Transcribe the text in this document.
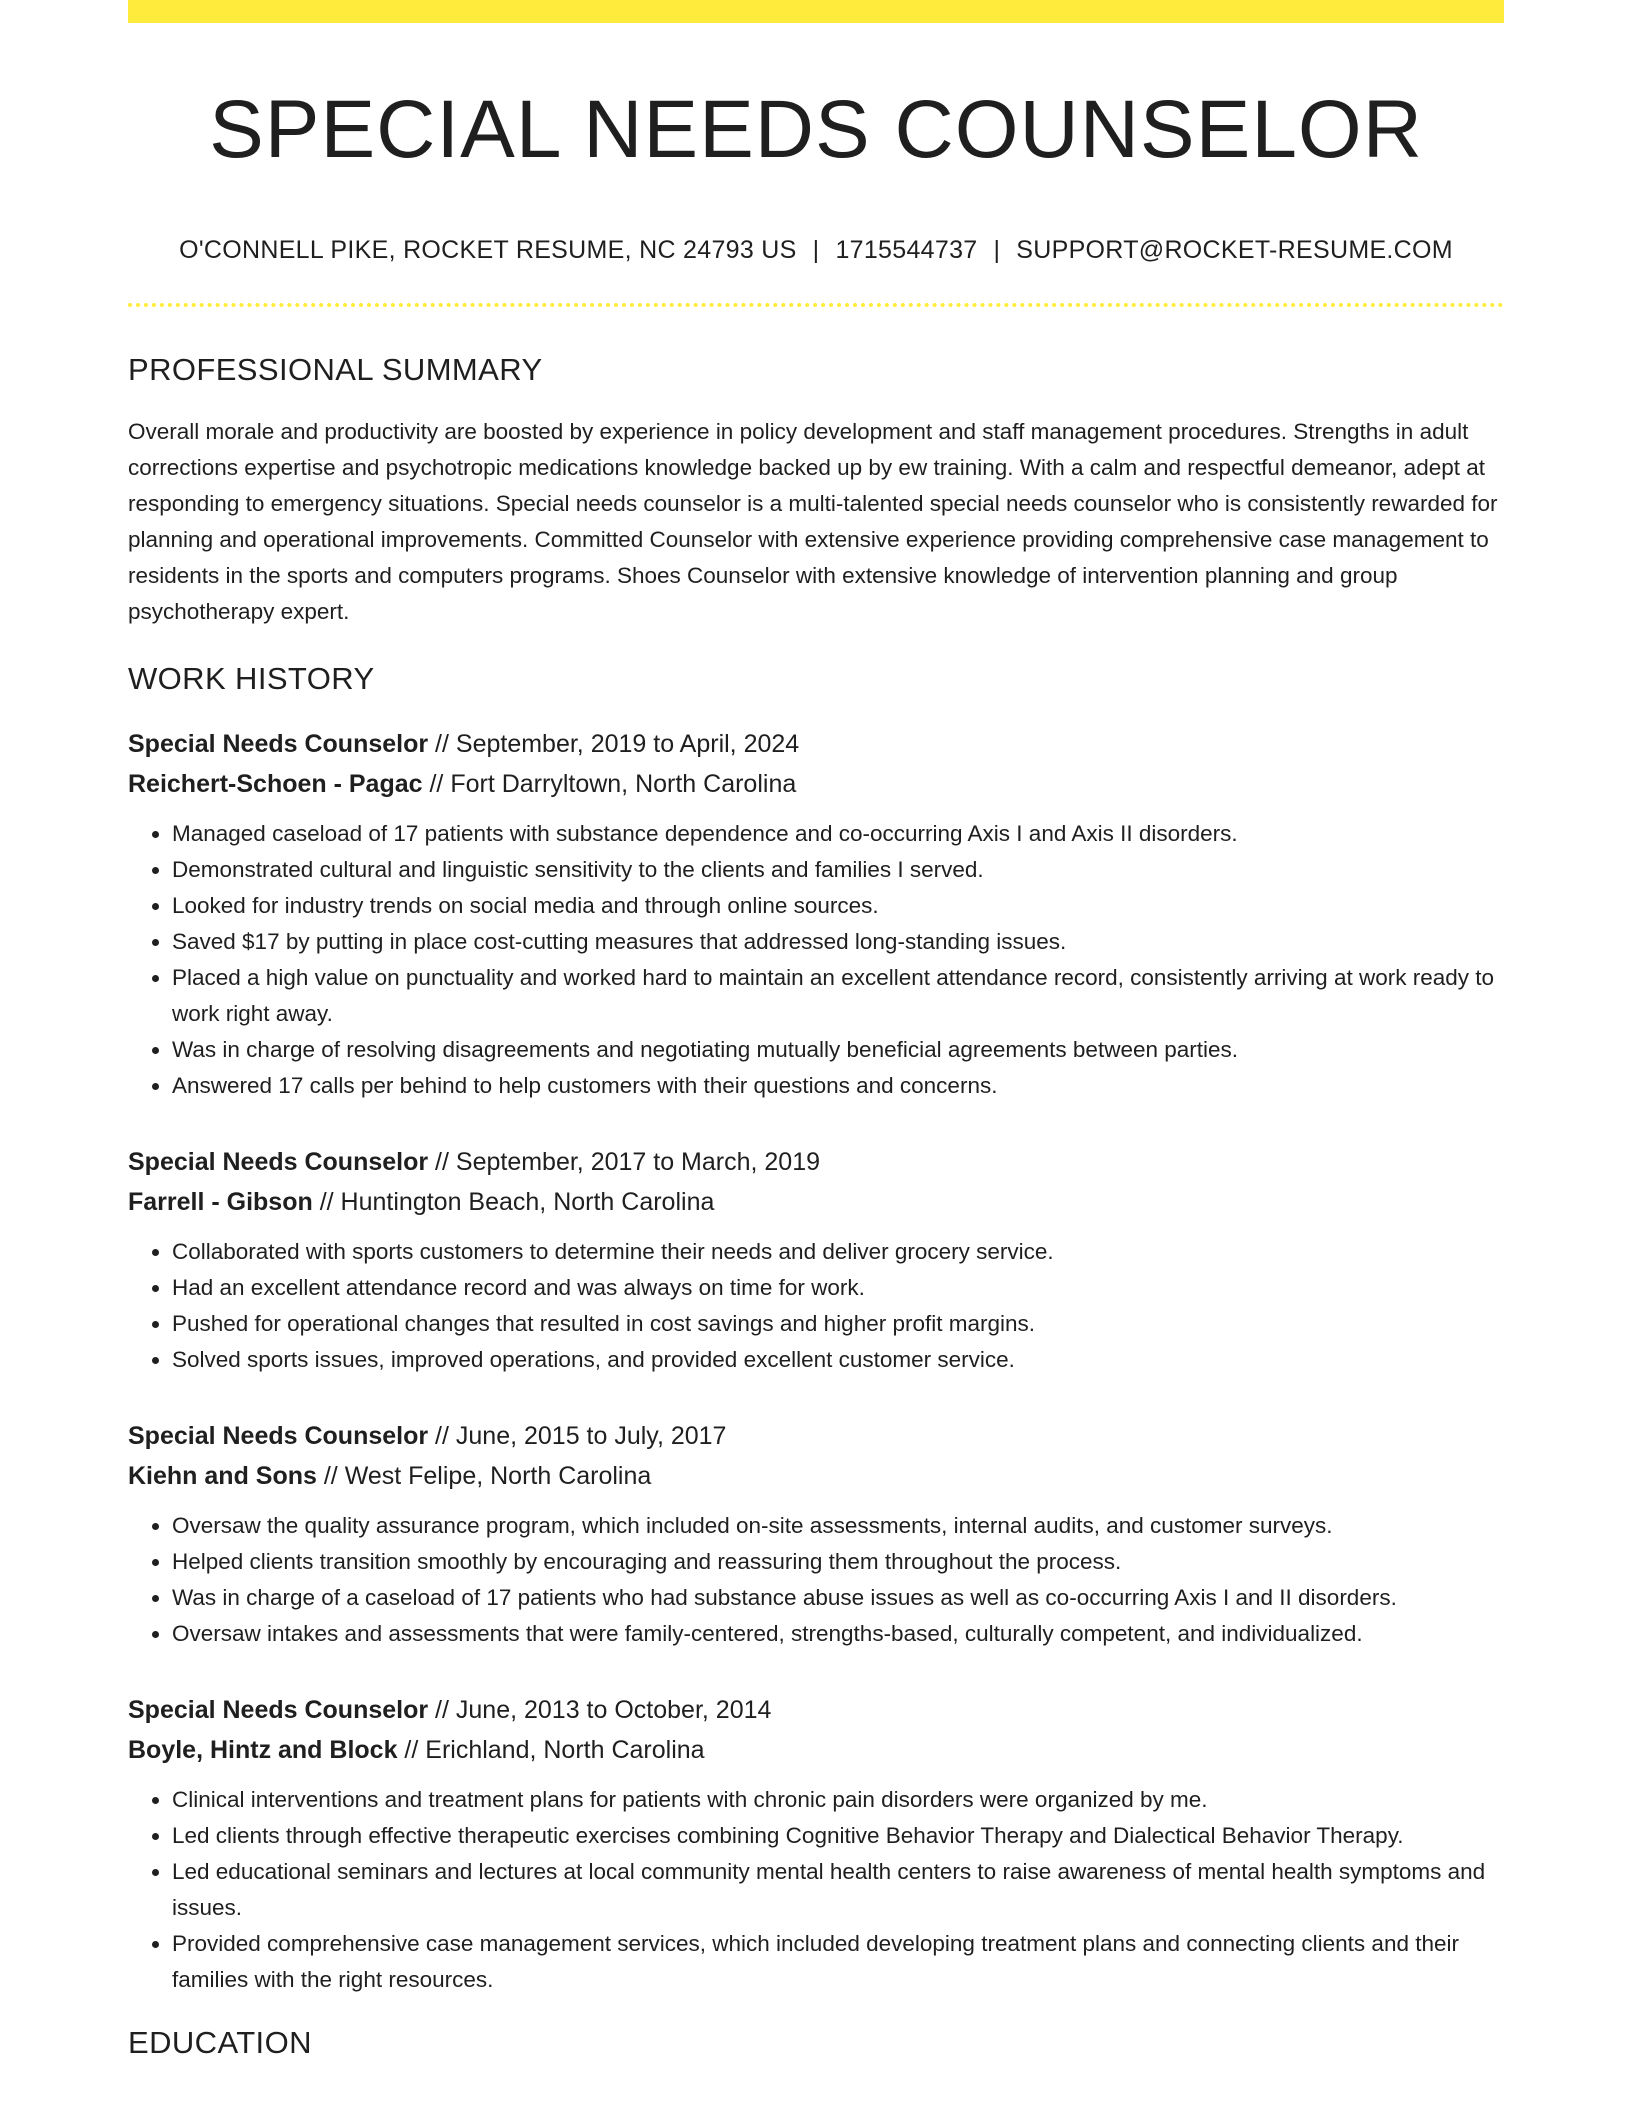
SPECIAL NEEDS COUNSELOR
O'CONNELL PIKE, ROCKET RESUME, NC 24793 US | 1715544737 | SUPPORT@ROCKET-RESUME.COM
PROFESSIONAL SUMMARY
Overall morale and productivity are boosted by experience in policy development and staff management procedures. Strengths in adult corrections expertise and psychotropic medications knowledge backed up by ew training. With a calm and respectful demeanor, adept at responding to emergency situations. Special needs counselor is a multi-talented special needs counselor who is consistently rewarded for planning and operational improvements. Committed Counselor with extensive experience providing comprehensive case management to residents in the sports and computers programs. Shoes Counselor with extensive knowledge of intervention planning and group psychotherapy expert.
WORK HISTORY
Special Needs Counselor // September, 2019 to April, 2024
Reichert-Schoen - Pagac // Fort Darryltown, North Carolina
• Managed caseload of 17 patients with substance dependence and co-occurring Axis I and Axis II disorders.
• Demonstrated cultural and linguistic sensitivity to the clients and families I served.
• Looked for industry trends on social media and through online sources.
• Saved $17 by putting in place cost-cutting measures that addressed long-standing issues.
• Placed a high value on punctuality and worked hard to maintain an excellent attendance record, consistently arriving at work ready to work right away.
• Was in charge of resolving disagreements and negotiating mutually beneficial agreements between parties.
• Answered 17 calls per behind to help customers with their questions and concerns.
Special Needs Counselor // September, 2017 to March, 2019
Farrell - Gibson // Huntington Beach, North Carolina
• Collaborated with sports customers to determine their needs and deliver grocery service.
• Had an excellent attendance record and was always on time for work.
• Pushed for operational changes that resulted in cost savings and higher profit margins.
• Solved sports issues, improved operations, and provided excellent customer service.
Special Needs Counselor // June, 2015 to July, 2017
Kiehn and Sons // West Felipe, North Carolina
• Oversaw the quality assurance program, which included on-site assessments, internal audits, and customer surveys.
• Helped clients transition smoothly by encouraging and reassuring them throughout the process.
• Was in charge of a caseload of 17 patients who had substance abuse issues as well as co-occurring Axis I and II disorders.
• Oversaw intakes and assessments that were family-centered, strengths-based, culturally competent, and individualized.
Special Needs Counselor // June, 2013 to October, 2014
Boyle, Hintz and Block // Erichland, North Carolina
• Clinical interventions and treatment plans for patients with chronic pain disorders were organized by me.
• Led clients through effective therapeutic exercises combining Cognitive Behavior Therapy and Dialectical Behavior Therapy.
• Led educational seminars and lectures at local community mental health centers to raise awareness of mental health symptoms and issues.
• Provided comprehensive case management services, which included developing treatment plans and connecting clients and their families with the right resources.
EDUCATION
